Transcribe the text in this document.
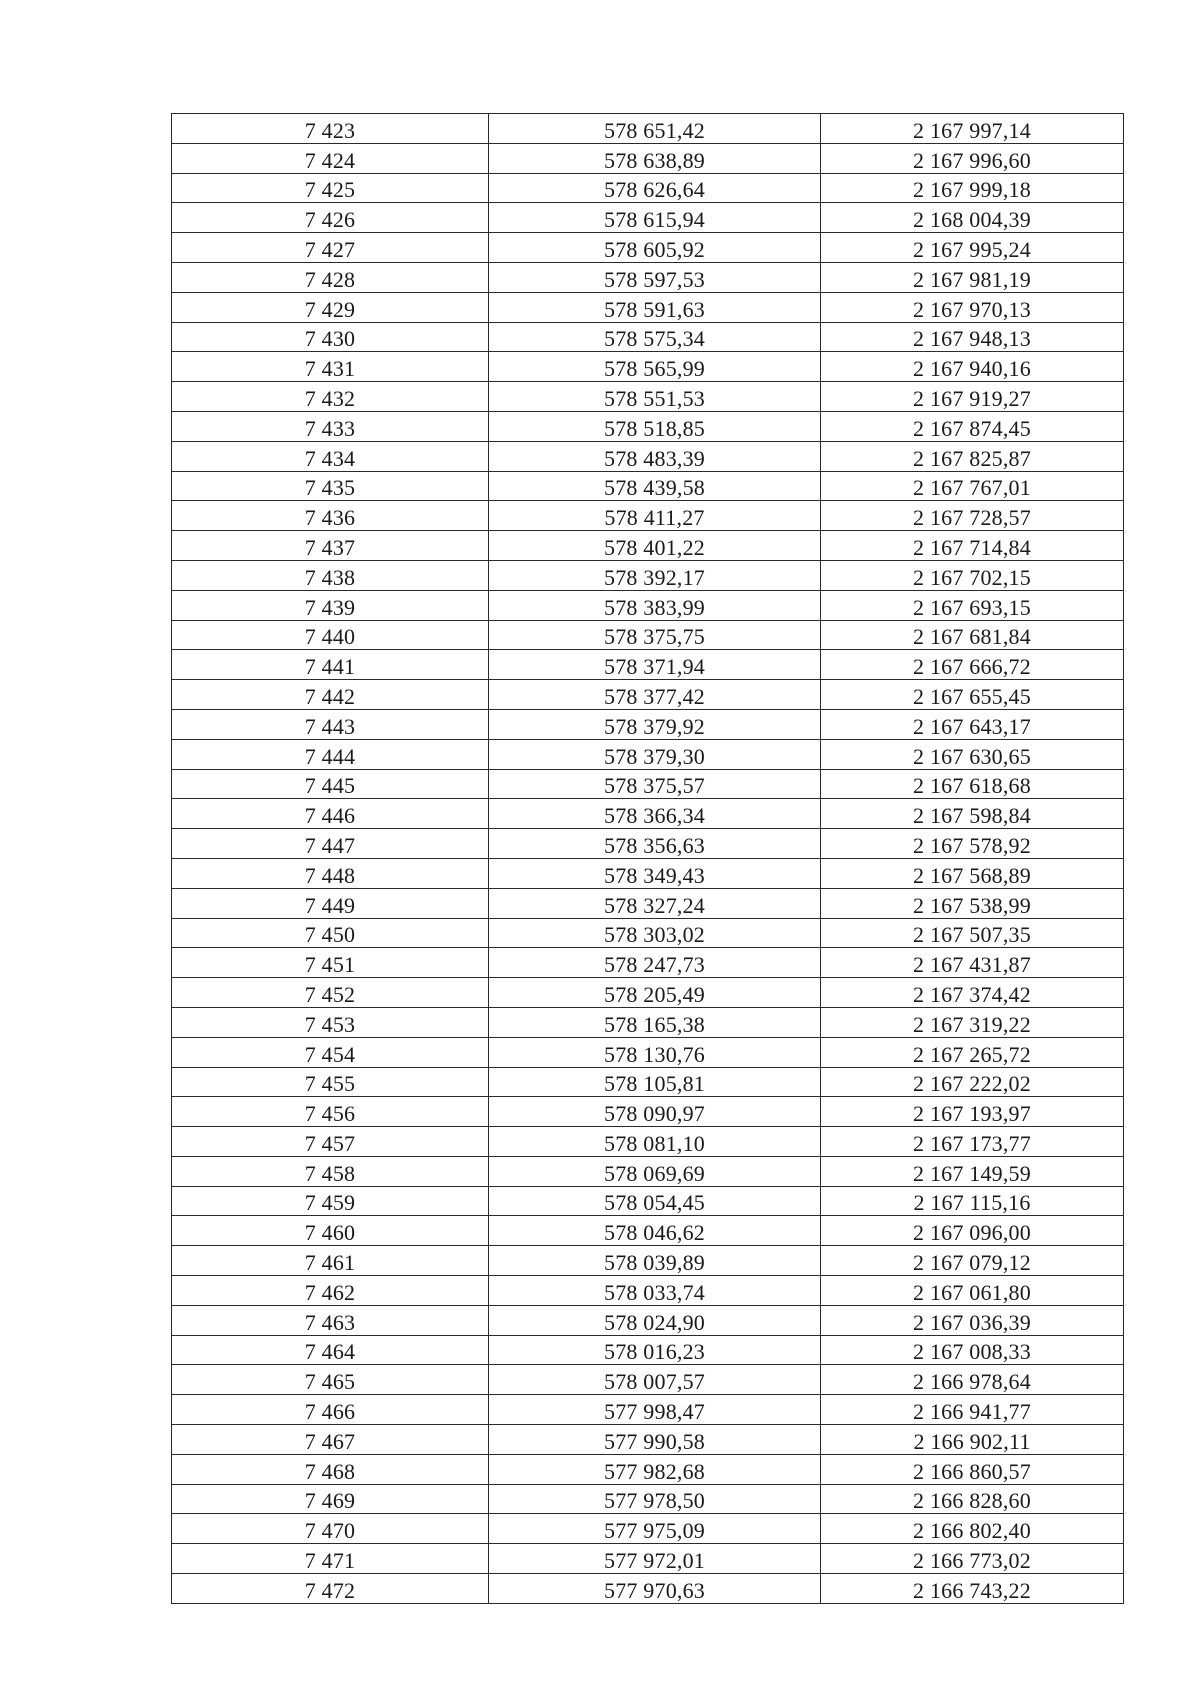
7 423	578 651,42	2 167 997,14
7 424	578 638,89	2 167 996,60
7 425	578 626,64	2 167 999,18
7 426	578 615,94	2 168 004,39
7 427	578 605,92	2 167 995,24
7 428	578 597,53	2 167 981,19
7 429	578 591,63	2 167 970,13
7 430	578 575,34	2 167 948,13
7 431	578 565,99	2 167 940,16
7 432	578 551,53	2 167 919,27
7 433	578 518,85	2 167 874,45
7 434	578 483,39	2 167 825,87
7 435	578 439,58	2 167 767,01
7 436	578 411,27	2 167 728,57
7 437	578 401,22	2 167 714,84
7 438	578 392,17	2 167 702,15
7 439	578 383,99	2 167 693,15
7 440	578 375,75	2 167 681,84
7 441	578 371,94	2 167 666,72
7 442	578 377,42	2 167 655,45
7 443	578 379,92	2 167 643,17
7 444	578 379,30	2 167 630,65
7 445	578 375,57	2 167 618,68
7 446	578 366,34	2 167 598,84
7 447	578 356,63	2 167 578,92
7 448	578 349,43	2 167 568,89
7 449	578 327,24	2 167 538,99
7 450	578 303,02	2 167 507,35
7 451	578 247,73	2 167 431,87
7 452	578 205,49	2 167 374,42
7 453	578 165,38	2 167 319,22
7 454	578 130,76	2 167 265,72
7 455	578 105,81	2 167 222,02
7 456	578 090,97	2 167 193,97
7 457	578 081,10	2 167 173,77
7 458	578 069,69	2 167 149,59
7 459	578 054,45	2 167 115,16
7 460	578 046,62	2 167 096,00
7 461	578 039,89	2 167 079,12
7 462	578 033,74	2 167 061,80
7 463	578 024,90	2 167 036,39
7 464	578 016,23	2 167 008,33
7 465	578 007,57	2 166 978,64
7 466	577 998,47	2 166 941,77
7 467	577 990,58	2 166 902,11
7 468	577 982,68	2 166 860,57
7 469	577 978,50	2 166 828,60
7 470	577 975,09	2 166 802,40
7 471	577 972,01	2 166 773,02
7 472	577 970,63	2 166 743,22
